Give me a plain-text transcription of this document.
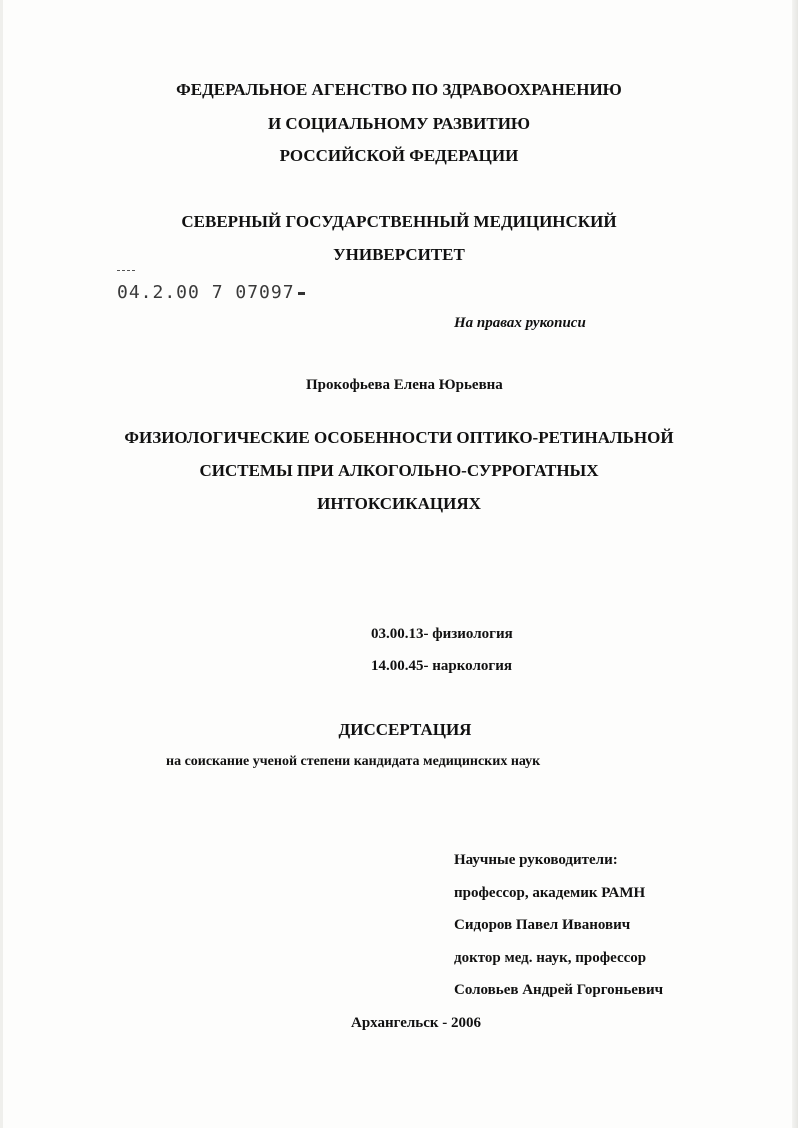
ФЕДЕРАЛЬНОЕ АГЕНСТВО ПО ЗДРАВООХРАНЕНИЮ
И СОЦИАЛЬНОМУ РАЗВИТИЮ
РОССИЙСКОЙ ФЕДЕРАЦИИ
СЕВЕРНЫЙ ГОСУДАРСТВЕННЫЙ МЕДИЦИНСКИЙ
УНИВЕРСИТЕТ
04.2.00 7 07097
На правах рукописи
Прокофьева Елена Юрьевна
ФИЗИОЛОГИЧЕСКИЕ ОСОБЕННОСТИ ОПТИКО-РЕТИНАЛЬНОЙ
СИСТЕМЫ ПРИ АЛКОГОЛЬНО-СУРРОГАТНЫХ
ИНТОКСИКАЦИЯХ
03.00.13- физиология
14.00.45- наркология
ДИССЕРТАЦИЯ
на соискание ученой степени кандидата медицинских наук
Научные руководители:
профессор, академик РАМН
Сидоров Павел Иванович
доктор мед. наук, профессор
Соловьев Андрей Горгоньевич
Архангельск - 2006
